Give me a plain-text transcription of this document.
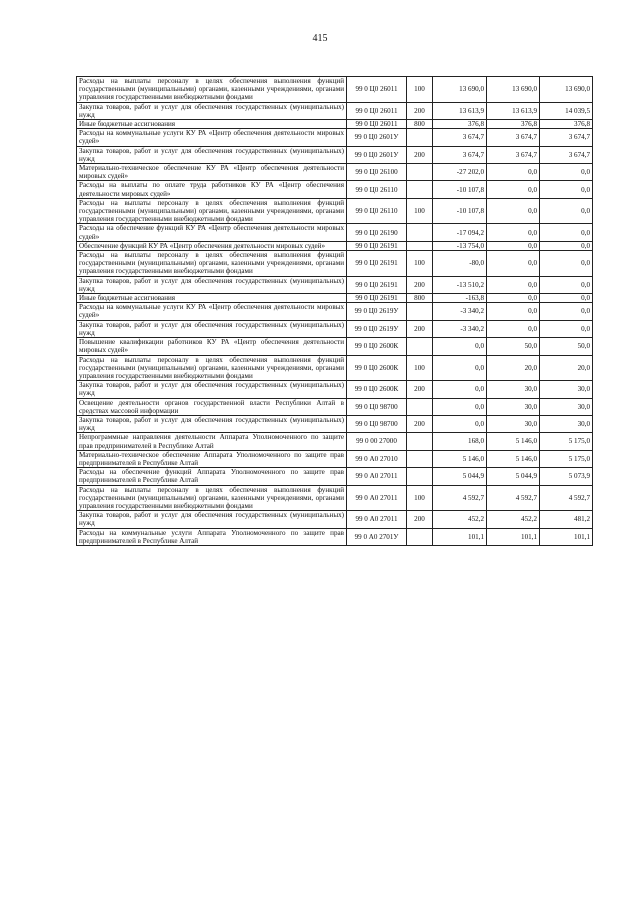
415
Расходы на выплаты персоналу в целях обеспечения выполнения функций государственными (муниципальными) органами, казенными учреждениями, органами управления государственными внебюджетными фондами	99 0 Ц0 26011	100	13 690,0	13 690,0	13 690,0
Закупка товаров, работ и услуг для обеспечения государственных (муниципальных) нужд	99 0 Ц0 26011	200	13 613,9	13 613,9	14 039,5
Иные бюджетные ассигнования	99 0 Ц0 26011	800	376,8	376,8	376,8
Расходы на коммунальные услуги КУ РА «Центр обеспечения деятельности мировых судей»	99 0 Ц0 2601У		3 674,7	3 674,7	3 674,7
Закупка товаров, работ и услуг для обеспечения государственных (муниципальных) нужд	99 0 Ц0 2601У	200	3 674,7	3 674,7	3 674,7
Материально-техническое обеспечение КУ РА «Центр обеспечения деятельности мировых судей»	99 0 Ц0 26100		-27 202,0	0,0	0,0
Расходы на выплаты по оплате труда работников КУ РА «Центр обеспечения деятельности мировых судей»	99 0 Ц0 26110		-10 107,8	0,0	0,0
Расходы на выплаты персоналу в целях обеспечения выполнения функций государственными (муниципальными) органами, казенными учреждениями, органами управления государственными внебюджетными фондами	99 0 Ц0 26110	100	-10 107,8	0,0	0,0
Расходы на обеспечение функций КУ РА «Центр обеспечения деятельности мировых судей»	99 0 Ц0 26190		-17 094,2	0,0	0,0
Обеспечение функций КУ РА «Центр обеспечения деятельности мировых судей»	99 0 Ц0 26191		-13 754,0	0,0	0,0
Расходы на выплаты персоналу в целях обеспечения выполнения функций государственными (муниципальными) органами, казенными учреждениями, органами управления государственными внебюджетными фондами	99 0 Ц0 26191	100	-80,0	0,0	0,0
Закупка товаров, работ и услуг для обеспечения государственных (муниципальных) нужд	99 0 Ц0 26191	200	-13 510,2	0,0	0,0
Иные бюджетные ассигнования	99 0 Ц0 26191	800	-163,8	0,0	0,0
Расходы на коммунальные услуги КУ РА «Центр обеспечения деятельности мировых судей»	99 0 Ц0 2619У		-3 340,2	0,0	0,0
Закупка товаров, работ и услуг для обеспечения государственных (муниципальных) нужд	99 0 Ц0 2619У	200	-3 340,2	0,0	0,0
Повышение квалификации работников КУ РА «Центр обеспечения деятельности мировых судей»	99 0 Ц0 2600К		0,0	50,0	50,0
Расходы на выплаты персоналу в целях обеспечения выполнения функций государственными (муниципальными) органами, казенными учреждениями, органами управления государственными внебюджетными фондами	99 0 Ц0 2600К	100	0,0	20,0	20,0
Закупка товаров, работ и услуг для обеспечения государственных (муниципальных) нужд	99 0 Ц0 2600К	200	0,0	30,0	30,0
Освещение деятельности органов государственной власти Республики Алтай в средствах массовой информации	99 0 Ц0 98700		0,0	30,0	30,0
Закупка товаров, работ и услуг для обеспечения государственных (муниципальных) нужд	99 0 Ц0 98700	200	0,0	30,0	30,0
Непрограммные направления деятельности Аппарата Уполномоченного по защите прав предпринимателей в Республике Алтай	99 0 00 27000		168,0	5 146,0	5 175,0
Материально-техническое обеспечение Аппарата Уполномоченного по защите прав предпринимателей в Республике Алтай	99 0 А0 27010		5 146,0	5 146,0	5 175,0
Расходы на обеспечение функций Аппарата Уполномоченного по защите прав предпринимателей в Республике Алтай	99 0 А0 27011		5 044,9	5 044,9	5 073,9
Расходы на выплаты персоналу в целях обеспечения выполнения функций государственными (муниципальными) органами, казенными учреждениями, органами управления государственными внебюджетными фондами	99 0 А0 27011	100	4 592,7	4 592,7	4 592,7
Закупка товаров, работ и услуг для обеспечения государственных (муниципальных) нужд	99 0 А0 27011	200	452,2	452,2	481,2
Расходы на коммунальные услуги Аппарата Уполномоченного по защите прав предпринимателей в Республике Алтай	99 0 А0 2701У		101,1	101,1	101,1
